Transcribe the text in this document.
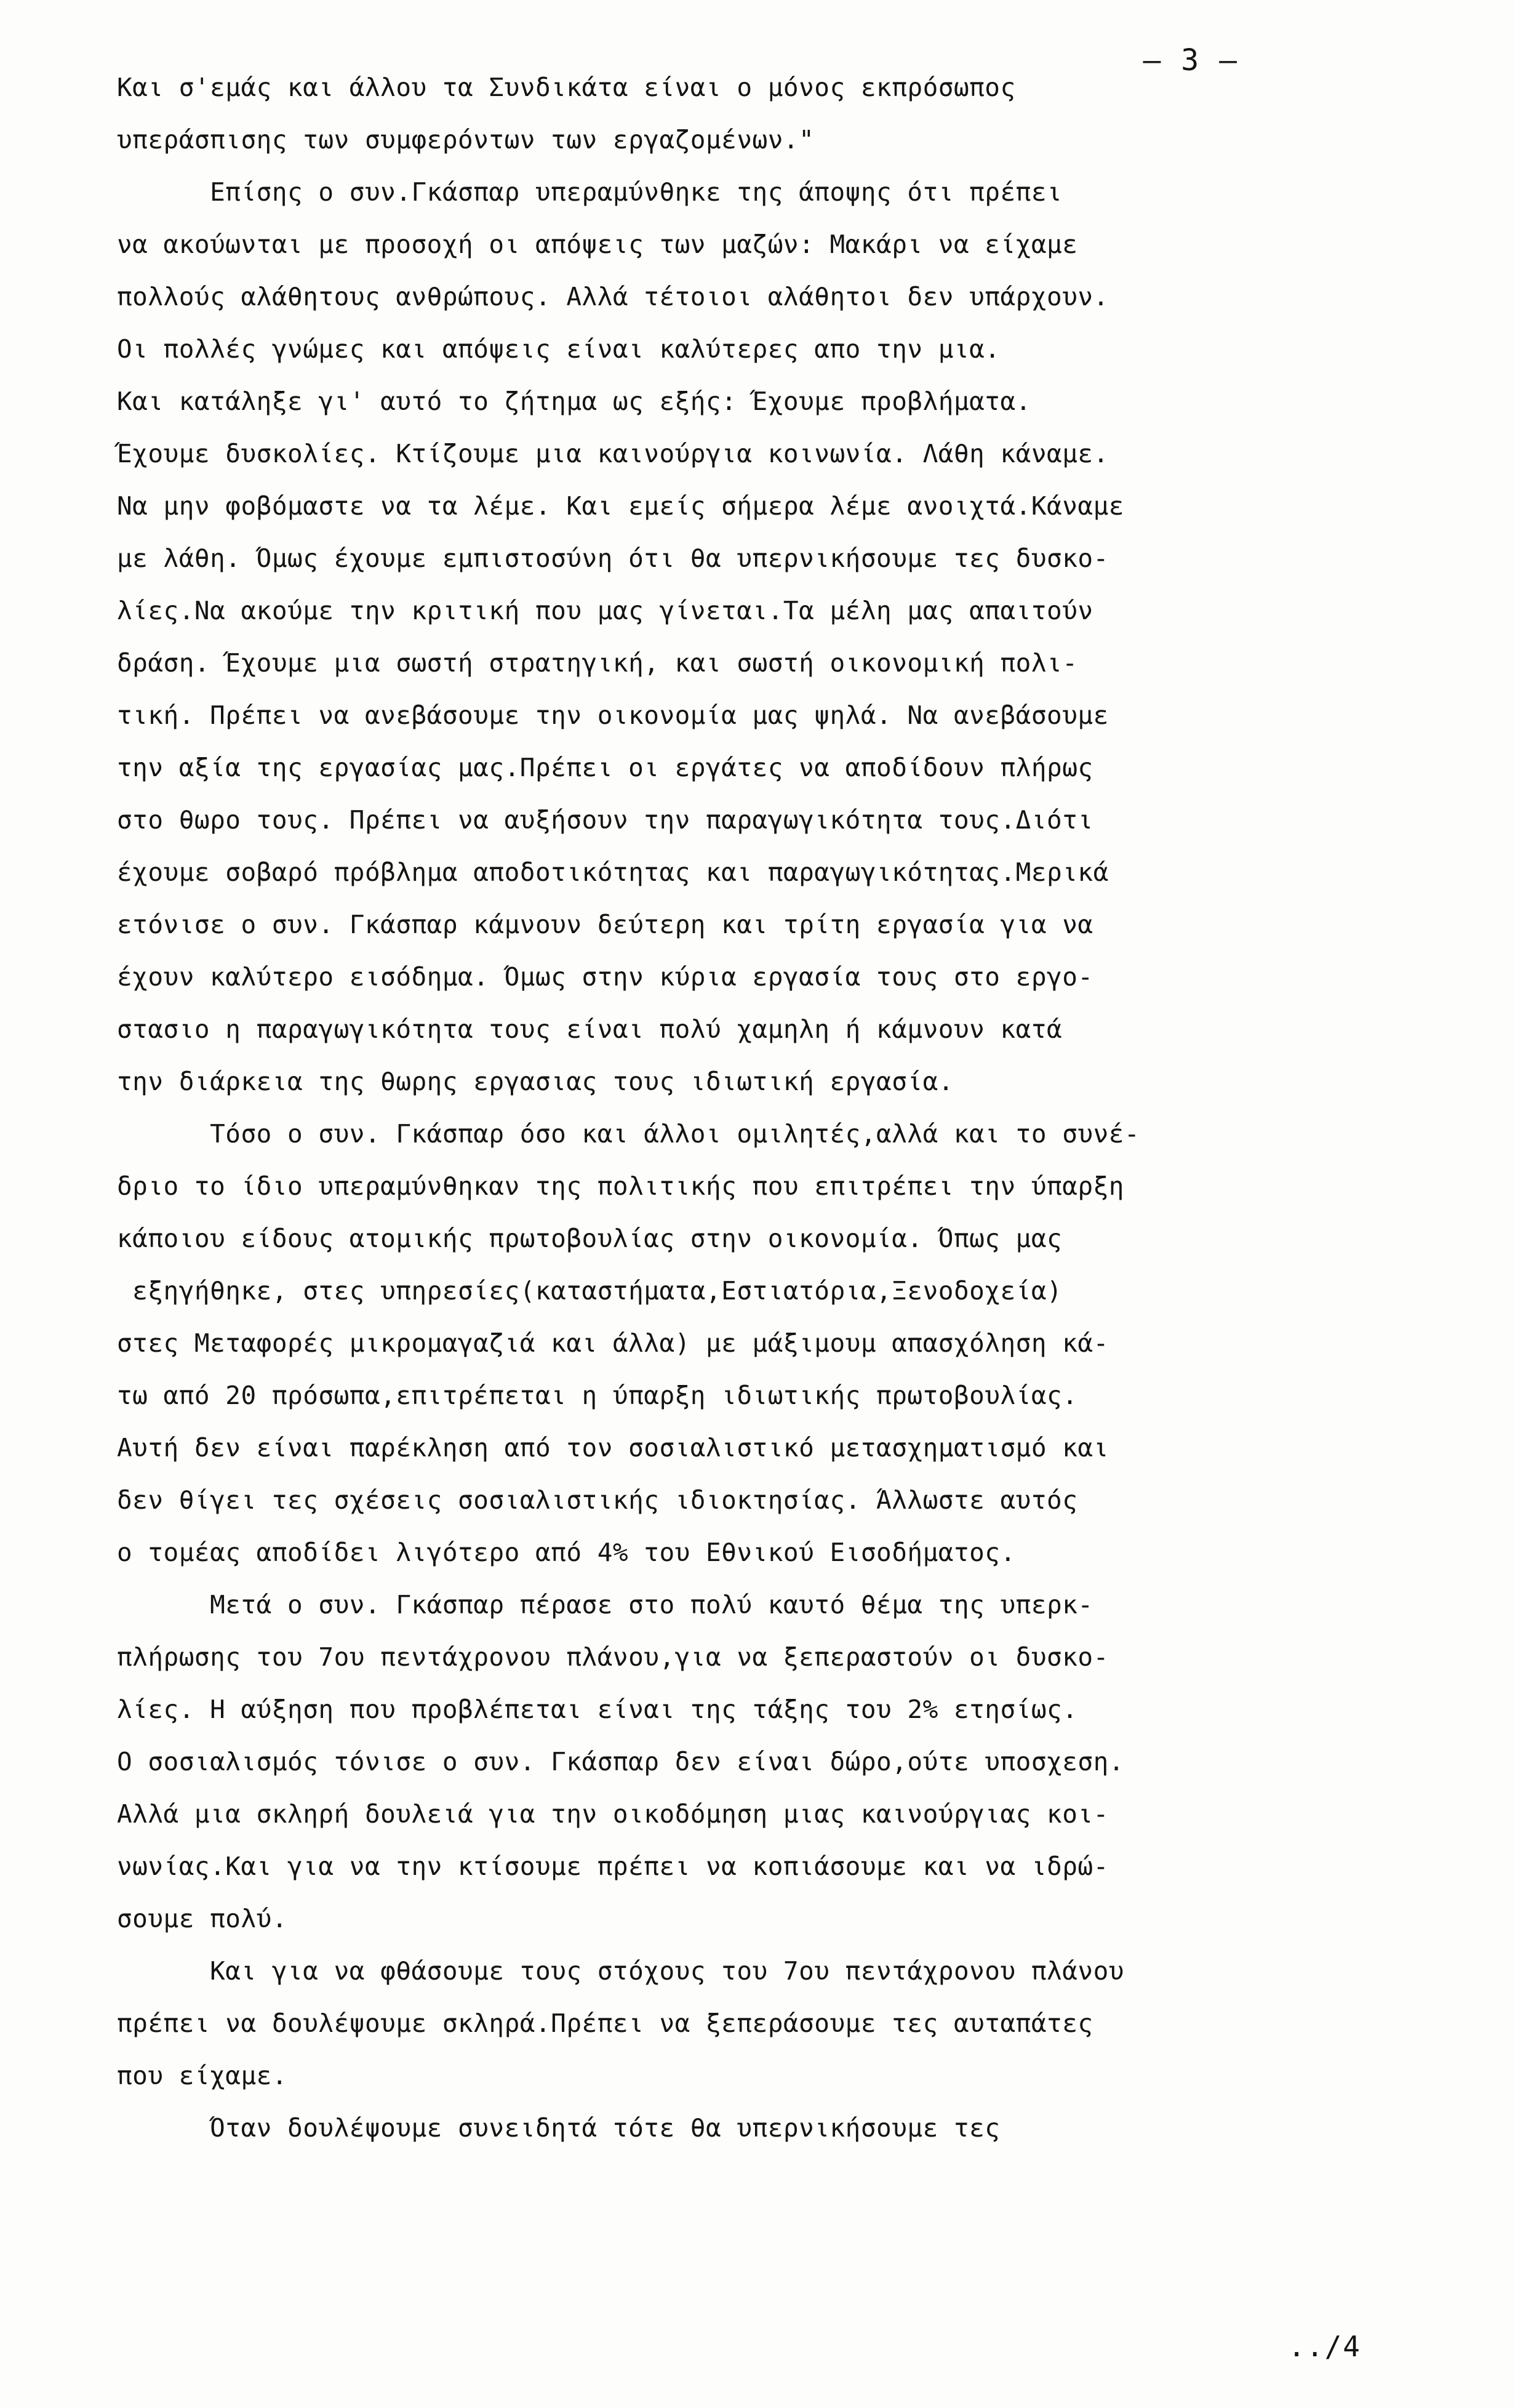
— 3 —
Και σ'εμάς και άλλου τα Συνδικάτα είναι ο μόνος εκπρόσωπος
υπεράσπισης των συμφερόντων των εργαζομένων."
Επίσης ο συν.Γκάσπαρ υπεραμύνθηκε της άποψης ότι πρέπει
να ακούωνται με προσοχή οι απόψεις των μαζών: Μακάρι να είχαμε
πολλούς αλάθητους ανθρώπους. Αλλά τέτοιοι αλάθητοι δεν υπάρχουν.
Οι πολλές γνώμες και απόψεις είναι καλύτερες απο την μια.
Και κατάληξε γι' αυτό το ζήτημα ως εξής: Έχουμε προβλήματα.
Έχουμε δυσκολίες. Κτίζουμε μια καινούργια κοινωνία. Λάθη κάναμε.
Να μην φοβόμαστε να τα λέμε. Και εμείς σήμερα λέμε ανοιχτά.Κάναμε
με λάθη. Όμως έχουμε εμπιστοσύνη ότι θα υπερνικήσουμε τες δυσκο-
λίες.Να ακούμε την κριτική που μας γίνεται.Τα μέλη μας απαιτούν
δράση. Έχουμε μια σωστή στρατηγική, και σωστή οικονομική πολι-
τική. Πρέπει να ανεβάσουμε την οικονομία μας ψηλά. Να ανεβάσουμε
την αξία της εργασίας μας.Πρέπει οι εργάτες να αποδίδουν πλήρως
στο θωρο τους. Πρέπει να αυξήσουν την παραγωγικότητα τους.Διότι
έχουμε σοβαρό πρόβλημα αποδοτικότητας και παραγωγικότητας.Μερικά
ετόνισε ο συν. Γκάσπαρ κάμνουν δεύτερη και τρίτη εργασία για να
έχουν καλύτερο εισόδημα. Όμως στην κύρια εργασία τους στο εργο-
στασιο η παραγωγικότητα τους είναι πολύ χαμηλη ή κάμνουν κατά
την διάρκεια της θωρης εργασιας τους ιδιωτική εργασία.
Τόσο ο συν. Γκάσπαρ όσο και άλλοι ομιλητές,αλλά και το συνέ-
δριο το ίδιο υπεραμύνθηκαν της πολιτικής που επιτρέπει την ύπαρξη
κάποιου είδους ατομικής πρωτοβουλίας στην οικονομία. Όπως μας
εξηγήθηκε, στες υπηρεσίες(καταστήματα,Εστιατόρια,Ξενοδοχεία)
στες Μεταφορές μικρομαγαζιά και άλλα) με μάξιμουμ απασχόληση κά-
τω από 20 πρόσωπα,επιτρέπεται η ύπαρξη ιδιωτικής πρωτοβουλίας.
Αυτή δεν είναι παρέκληση από τον σοσιαλιστικό μετασχηματισμό και
δεν θίγει τες σχέσεις σοσιαλιστικής ιδιοκτησίας. Άλλωστε αυτός
ο τομέας αποδίδει λιγότερο από 4% του Εθνικού Εισοδήματος.
Μετά ο συν. Γκάσπαρ πέρασε στο πολύ καυτό θέμα της υπερκ-
πλήρωσης του 7ου πεντάχρονου πλάνου,για να ξεπεραστούν οι δυσκο-
λίες. Η αύξηση που προβλέπεται είναι της τάξης του 2% ετησίως.
Ο σοσιαλισμός τόνισε ο συν. Γκάσπαρ δεν είναι δώρο,ούτε υποσχεση.
Αλλά μια σκληρή δουλειά για την οικοδόμηση μιας καινούργιας κοι-
νωνίας.Και για να την κτίσουμε πρέπει να κοπιάσουμε και να ιδρώ-
σουμε πολύ.
Και για να φθάσουμε τους στόχους του 7ου πεντάχρονου πλάνου
πρέπει να δουλέψουμε σκληρά.Πρέπει να ξεπεράσουμε τες αυταπάτες
που είχαμε.
Όταν δουλέψουμε συνειδητά τότε θα υπερνικήσουμε τες
../4
